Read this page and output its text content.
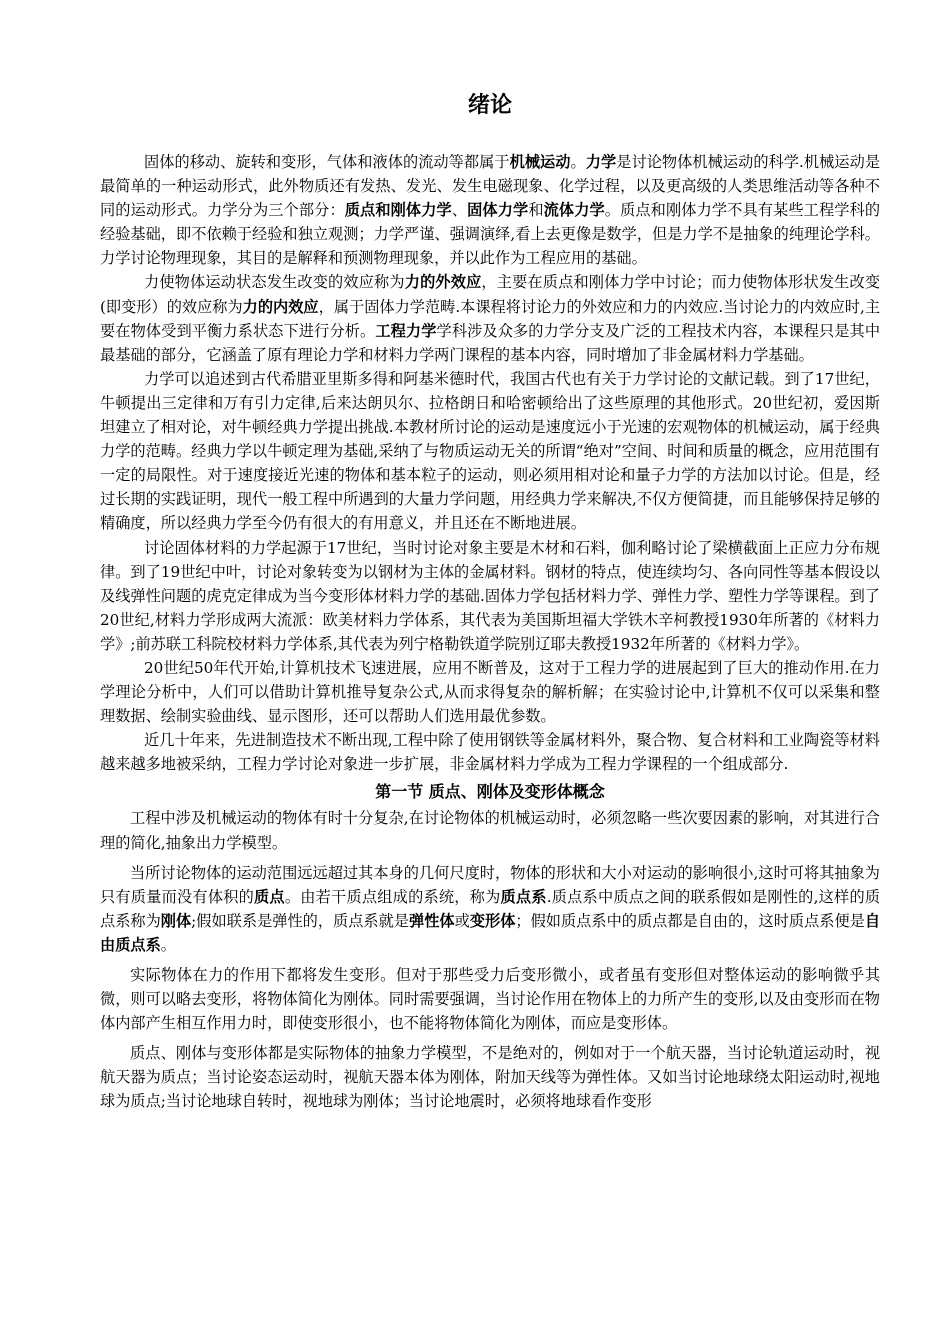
绪论

固体的移动、旋转和变形，气体和液体的流动等都属于机械运动。力学是讨论物体机械运动的科学.机械运动是最简单的一种运动形式，此外物质还有发热、发光、发生电磁现象、化学过程，以及更高级的人类思维活动等各种不同的运动形式。力学分为三个部分：质点和刚体力学、固体力学和流体力学。质点和刚体力学不具有某些工程学科的经验基础，即不依赖于经验和独立观测；力学严谨、强调演绎,看上去更像是数学，但是力学不是抽象的纯理论学科。力学讨论物理现象，其目的是解释和预测物理现象，并以此作为工程应用的基础。

力使物体运动状态发生改变的效应称为力的外效应，主要在质点和刚体力学中讨论；而力使物体形状发生改变(即变形）的效应称为力的内效应，属于固体力学范畴.本课程将讨论力的外效应和力的内效应.当讨论力的内效应时,主要在物体受到平衡力系状态下进行分析。工程力学学科涉及众多的力学分支及广泛的工程技术内容，本课程只是其中最基础的部分，它涵盖了原有理论力学和材料力学两门课程的基本内容，同时增加了非金属材料力学基础。

力学可以追述到古代希腊亚里斯多得和阿基米德时代，我国古代也有关于力学讨论的文献记载。到了17世纪，牛顿提出三定律和万有引力定律,后来达朗贝尔、拉格朗日和哈密顿给出了这些原理的其他形式。20世纪初，爱因斯坦建立了相对论，对牛顿经典力学提出挑战.本教材所讨论的运动是速度远小于光速的宏观物体的机械运动，属于经典力学的范畴。经典力学以牛顿定理为基础,采纳了与物质运动无关的所谓“绝对”空间、时间和质量的概念，应用范围有一定的局限性。对于速度接近光速的物体和基本粒子的运动，则必须用相对论和量子力学的方法加以讨论。但是，经过长期的实践证明，现代一般工程中所遇到的大量力学问题，用经典力学来解决,不仅方便简捷，而且能够保持足够的精确度，所以经典力学至今仍有很大的有用意义，并且还在不断地进展。

讨论固体材料的力学起源于17世纪，当时讨论对象主要是木材和石料，伽利略讨论了梁横截面上正应力分布规律。到了19世纪中叶，讨论对象转变为以钢材为主体的金属材料。钢材的特点，使连续均匀、各向同性等基本假设以及线弹性问题的虎克定律成为当今变形体材料力学的基础.固体力学包括材料力学、弹性力学、塑性力学等课程。到了20世纪,材料力学形成两大流派：欧美材料力学体系，其代表为美国斯坦福大学铁木辛柯教授1930年所著的《材料力学》;前苏联工科院校材料力学体系,其代表为列宁格勒铁道学院别辽耶夫教授1932年所著的《材料力学》。

20世纪50年代开始,计算机技术飞速进展，应用不断普及，这对于工程力学的进展起到了巨大的推动作用.在力学理论分析中，人们可以借助计算机推导复杂公式,从而求得复杂的解析解；在实验讨论中,计算机不仅可以采集和整理数据、绘制实验曲线、显示图形，还可以帮助人们选用最优参数。

近几十年来，先进制造技术不断出现,工程中除了使用钢铁等金属材料外，聚合物、复合材料和工业陶瓷等材料越来越多地被采纳，工程力学讨论对象进一步扩展，非金属材料力学成为工程力学课程的一个组成部分.

第一节 质点、刚体及变形体概念

工程中涉及机械运动的物体有时十分复杂,在讨论物体的机械运动时，必须忽略一些次要因素的影响，对其进行合理的简化,抽象出力学模型。

当所讨论物体的运动范围远远超过其本身的几何尺度时，物体的形状和大小对运动的影响很小,这时可将其抽象为只有质量而没有体积的质点。由若干质点组成的系统，称为质点系.质点系中质点之间的联系假如是刚性的,这样的质点系称为刚体;假如联系是弹性的，质点系就是弹性体或变形体；假如质点系中的质点都是自由的，这时质点系便是自由质点系。

实际物体在力的作用下都将发生变形。但对于那些受力后变形微小，或者虽有变形但对整体运动的影响微乎其微，则可以略去变形，将物体简化为刚体。同时需要强调，当讨论作用在物体上的力所产生的变形,以及由变形而在物体内部产生相互作用力时，即使变形很小，也不能将物体简化为刚体，而应是变形体。

质点、刚体与变形体都是实际物体的抽象力学模型，不是绝对的，例如对于一个航天器，当讨论轨道运动时，视航天器为质点；当讨论姿态运动时，视航天器本体为刚体，附加天线等为弹性体。又如当讨论地球绕太阳运动时,视地球为质点;当讨论地球自转时，视地球为刚体；当讨论地震时，必须将地球看作变形
